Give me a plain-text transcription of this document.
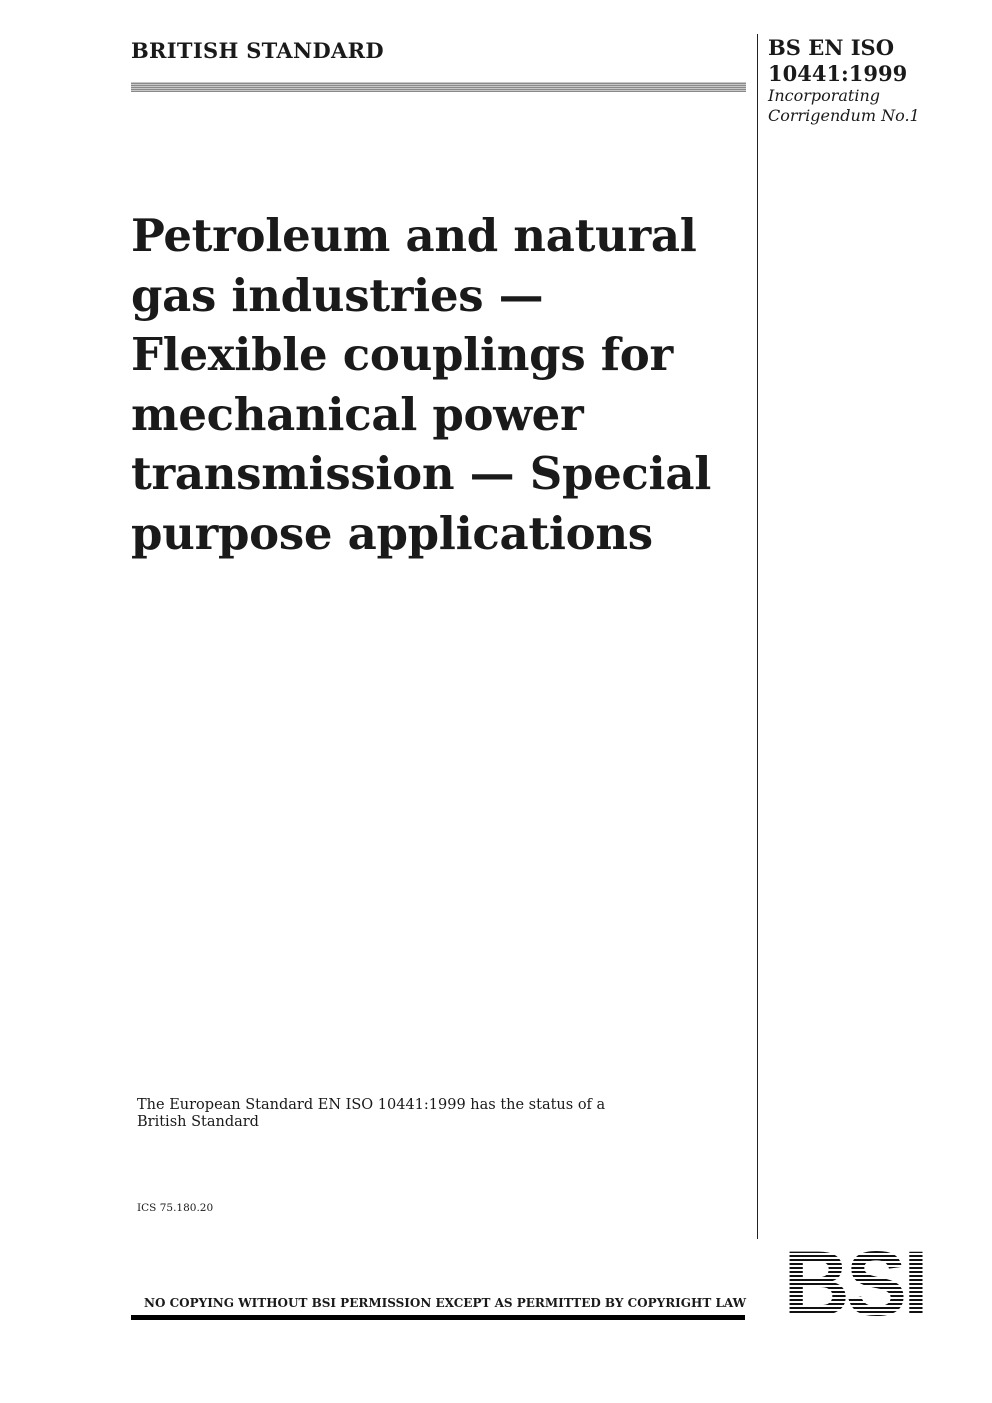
BRITISH STANDARD	BS EN ISO
10441:1999
Incorporating
Corrigendum No.1
Petroleum and natural
gas industries —
Flexible couplings for
mechanical power
transmission — Special
purpose applications
The European Standard EN ISO 10441:1999 has the status of a British Standard
ICS 75.180.20
NO COPYING WITHOUT BSI PERMISSION EXCEPT AS PERMITTED BY COPYRIGHT LAW BSI
